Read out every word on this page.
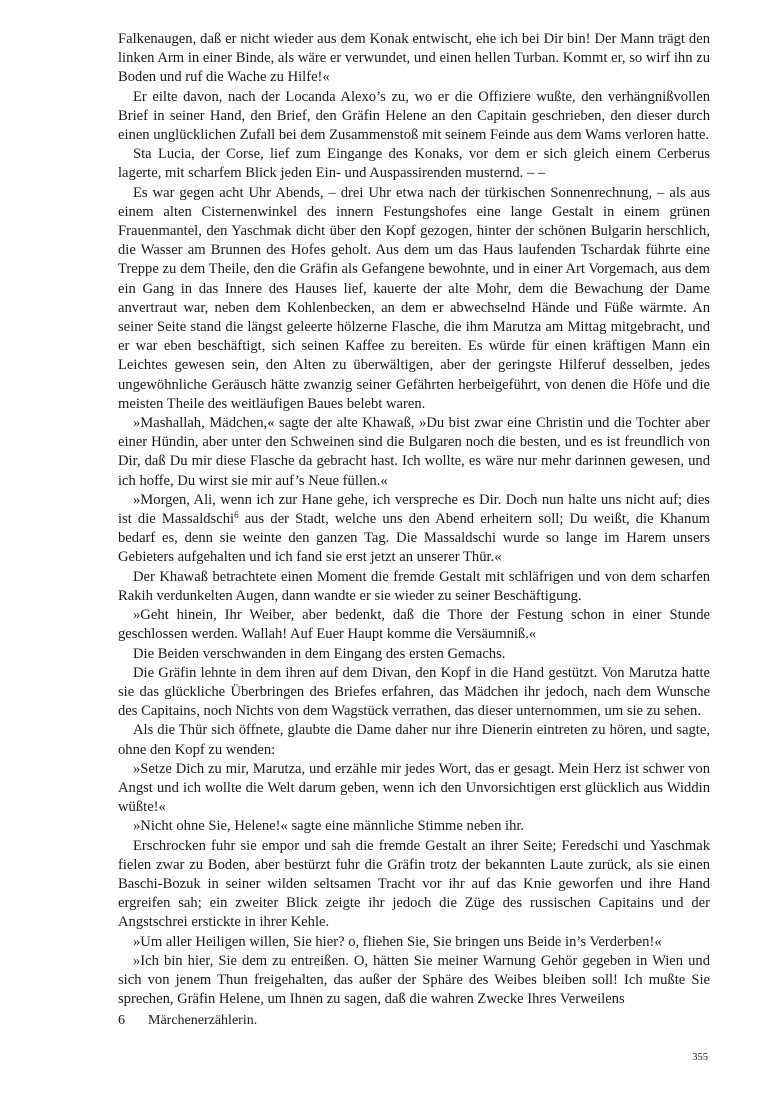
Falkenaugen, daß er nicht wieder aus dem Konak entwischt, ehe ich bei Dir bin! Der Mann trägt den linken Arm in einer Binde, als wäre er verwundet, und einen hellen Turban. Kommt er, so wirf ihn zu Boden und ruf die Wache zu Hilfe!«

Er eilte davon, nach der Locanda Alexo’s zu, wo er die Offiziere wußte, den verhängnißvollen Brief in seiner Hand, den Brief, den Gräfin Helene an den Capitain geschrieben, den dieser durch einen unglücklichen Zufall bei dem Zusammenstoß mit seinem Feinde aus dem Wams verloren hatte.

Sta Lucia, der Corse, lief zum Eingange des Konaks, vor dem er sich gleich einem Cerberus lagerte, mit scharfem Blick jeden Ein- und Auspassirenden musternd. – –

Es war gegen acht Uhr Abends, – drei Uhr etwa nach der türkischen Sonnenrechnung, – als aus einem alten Cisternenwinkel des innern Festungshofes eine lange Gestalt in einem grünen Frauenmantel, den Yaschmak dicht über den Kopf gezogen, hinter der schönen Bulgarin herschlich, die Wasser am Brunnen des Hofes geholt. Aus dem um das Haus laufenden Tschardak führte eine Treppe zu dem Theile, den die Gräfin als Gefangene bewohnte, und in einer Art Vorgemach, aus dem ein Gang in das Innere des Hauses lief, kauerte der alte Mohr, dem die Bewachung der Dame anvertraut war, neben dem Kohlenbecken, an dem er abwechselnd Hände und Füße wärmte. An seiner Seite stand die längst geleerte hölzerne Flasche, die ihm Marutza am Mittag mitgebracht, und er war eben beschäftigt, sich seinen Kaffee zu bereiten. Es würde für einen kräftigen Mann ein Leichtes gewesen sein, den Alten zu überwältigen, aber der geringste Hilferuf desselben, jedes ungewöhnliche Geräusch hätte zwanzig seiner Gefährten herbeigeführt, von denen die Höfe und die meisten Theile des weitläufigen Baues belebt waren.

»Mashallah, Mädchen,« sagte der alte Khawaß, »Du bist zwar eine Christin und die Tochter aber einer Hündin, aber unter den Schweinen sind die Bulgaren noch die besten, und es ist freundlich von Dir, daß Du mir diese Flasche da gebracht hast. Ich wollte, es wäre nur mehr darinnen gewesen, und ich hoffe, Du wirst sie mir auf’s Neue füllen.«

»Morgen, Ali, wenn ich zur Hane gehe, ich verspreche es Dir. Doch nun halte uns nicht auf; dies ist die Massaldschi$^6$ aus der Stadt, welche uns den Abend erheitern soll; Du weißt, die Khanum bedarf es, denn sie weinte den ganzen Tag. Die Massaldschi wurde so lange im Harem unsers Gebieters aufgehalten und ich fand sie erst jetzt an unserer Thür.«

Der Khawaß betrachtete einen Moment die fremde Gestalt mit schläfrigen und von dem scharfen Rakih verdunkelten Augen, dann wandte er sie wieder zu seiner Beschäftigung.

»Geht hinein, Ihr Weiber, aber bedenkt, daß die Thore der Festung schon in einer Stunde geschlossen werden. Wallah! Auf Euer Haupt komme die Versäumniß.«

Die Beiden verschwanden in dem Eingang des ersten Gemachs.

Die Gräfin lehnte in dem ihren auf dem Divan, den Kopf in die Hand gestützt. Von Marutza hatte sie das glückliche Überbringen des Briefes erfahren, das Mädchen ihr jedoch, nach dem Wunsche des Capitains, noch Nichts von dem Wagstück verrathen, das dieser unternommen, um sie zu sehen.

Als die Thür sich öffnete, glaubte die Dame daher nur ihre Dienerin eintreten zu hören, und sagte, ohne den Kopf zu wenden:

»Setze Dich zu mir, Marutza, und erzähle mir jedes Wort, das er gesagt. Mein Herz ist schwer von Angst und ich wollte die Welt darum geben, wenn ich den Unvorsichtigen erst glücklich aus Widdin wüßte!«

»Nicht ohne Sie, Helene!« sagte eine männliche Stimme neben ihr.

Erschrocken fuhr sie empor und sah die fremde Gestalt an ihrer Seite; Feredschi und Yaschmak fielen zwar zu Boden, aber bestürzt fuhr die Gräfin trotz der bekannten Laute zurück, als sie einen Baschi-Bozuk in seiner wilden seltsamen Tracht vor ihr auf das Knie geworfen und ihre Hand ergreifen sah; ein zweiter Blick zeigte ihr jedoch die Züge des russischen Capitains und der Angstschrei erstickte in ihrer Kehle.

»Um aller Heiligen willen, Sie hier? o, fliehen Sie, Sie bringen uns Beide in’s Verderben!«

»Ich bin hier, Sie dem zu entreißen. O, hätten Sie meiner Warnung Gehör gegeben in Wien und sich von jenem Thun freigehalten, das außer der Sphäre des Weibes bleiben soll! Ich mußte Sie sprechen, Gräfin Helene, um Ihnen zu sagen, daß die wahren Zwecke Ihres Verweilens

6 Märchenerzählerin.
355
